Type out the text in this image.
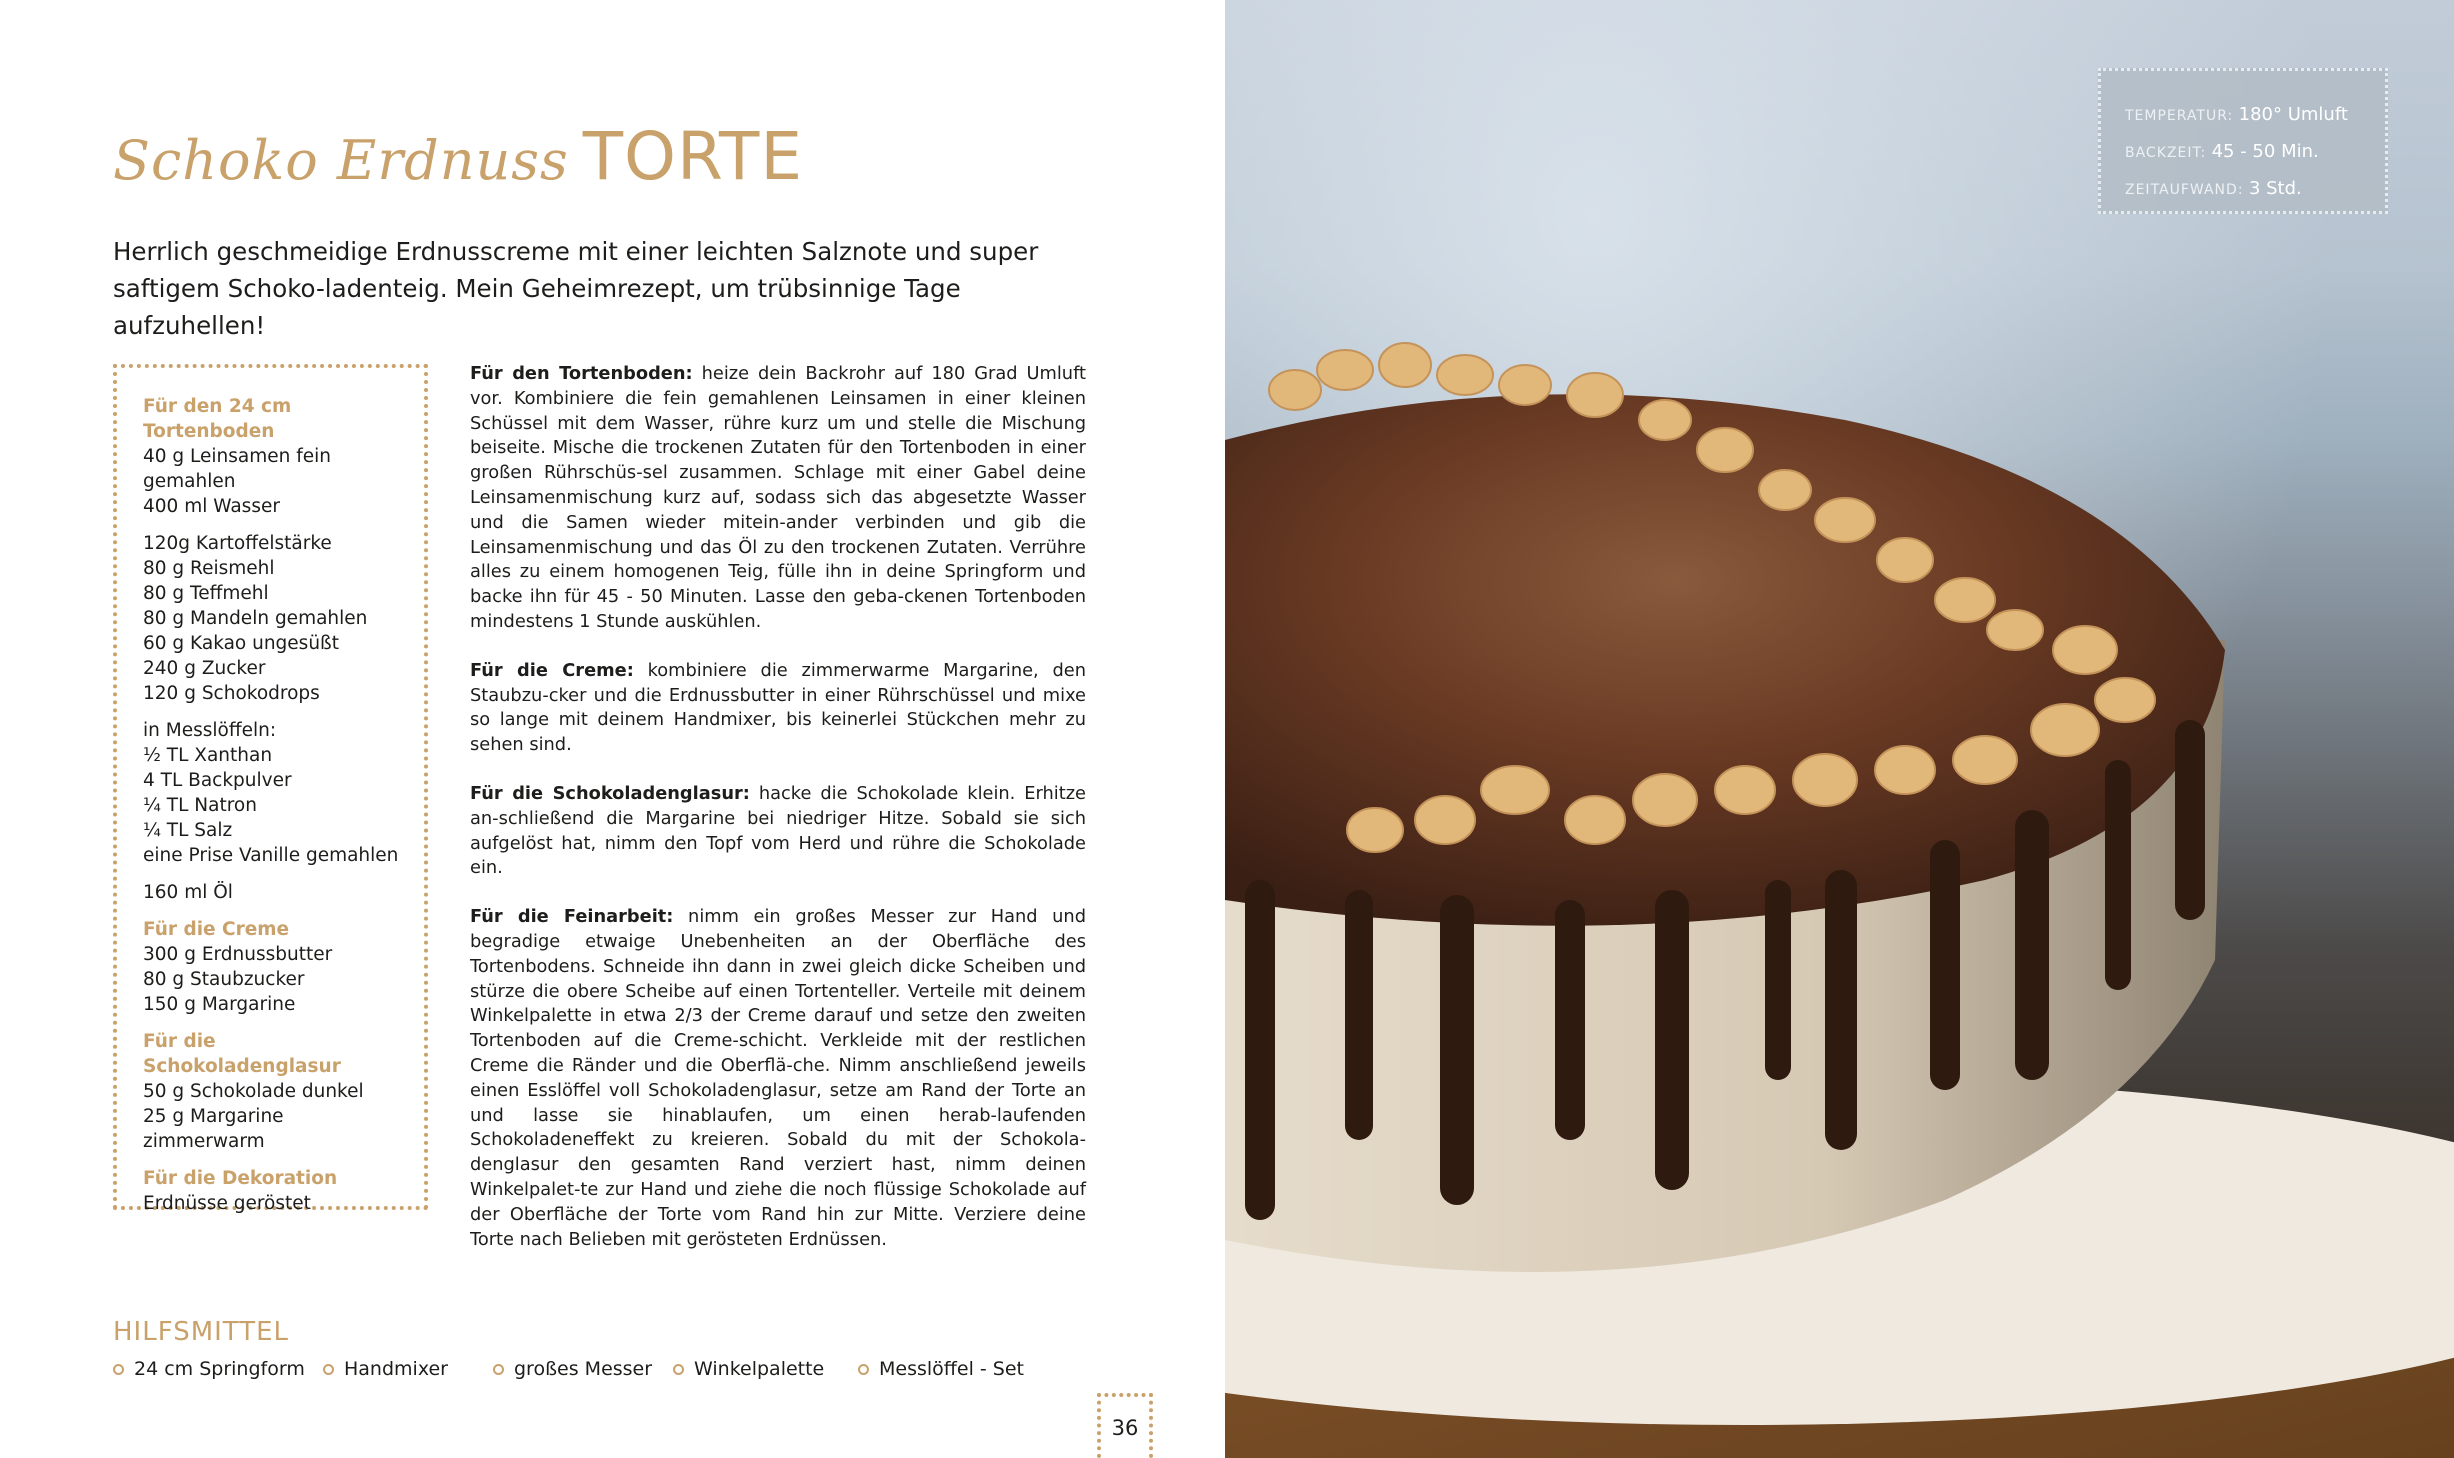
Schoko Erdnuss TORTE

Herrlich geschmeidige Erdnusscreme mit einer leichten Salznote und super saftigem Schoko-ladenteig. Mein Geheimrezept, um trübsinnige Tage aufzuhellen!

Für den 24 cm Tortenboden
40 g Leinsamen fein gemahlen
400 ml Wasser
120g Kartoffelstärke
80 g Reismehl
80 g Teffmehl
80 g Mandeln gemahlen
60 g Kakao ungesüßt
240 g Zucker
120 g Schokodrops
in Messlöffeln:
½ TL Xanthan
4 TL Backpulver
¼ TL Natron
¼ TL Salz
eine Prise Vanille gemahlen
160 ml Öl
Für die Creme
300 g Erdnussbutter
80 g Staubzucker
150 g Margarine
Für die Schokoladenglasur
50 g Schokolade dunkel
25 g Margarine zimmerwarm
Für die Dekoration
Erdnüsse geröstet

Für den Tortenboden: heize dein Backrohr auf 180 Grad Umluft vor. Kombiniere die fein gemahlenen Leinsamen in einer kleinen Schüssel mit dem Wasser, rühre kurz um und stelle die Mischung beiseite. Mische die trockenen Zutaten für den Tortenboden in einer großen Rührschüs-sel zusammen. Schlage mit einer Gabel deine Leinsamenmischung kurz auf, sodass sich das abgesetzte Wasser und die Samen wieder mitein-ander verbinden und gib die Leinsamenmischung und das Öl zu den trockenen Zutaten. Verrühre alles zu einem homogenen Teig, fülle ihn in deine Springform und backe ihn für 45 - 50 Minuten. Lasse den geba-ckenen Tortenboden mindestens 1 Stunde auskühlen.

Für die Creme: kombiniere die zimmerwarme Margarine, den Staubzu-cker und die Erdnussbutter in einer Rührschüssel und mixe so lange mit deinem Handmixer, bis keinerlei Stückchen mehr zu sehen sind.

Für die Schokoladenglasur: hacke die Schokolade klein. Erhitze an-schließend die Margarine bei niedriger Hitze. Sobald sie sich aufgelöst hat, nimm den Topf vom Herd und rühre die Schokolade ein.

Für die Feinarbeit: nimm ein großes Messer zur Hand und begradige etwaige Unebenheiten an der Oberfläche des Tortenbodens. Schneide ihn dann in zwei gleich dicke Scheiben und stürze die obere Scheibe auf einen Tortenteller. Verteile mit deinem Winkelpalette in etwa 2/3 der Creme darauf und setze den zweiten Tortenboden auf die Creme-schicht. Verkleide mit der restlichen Creme die Ränder und die Oberflä-che. Nimm anschließend jeweils einen Esslöffel voll Schokoladenglasur, setze am Rand der Torte an und lasse sie hinablaufen, um einen herab-laufenden Schokoladeneffekt zu kreieren. Sobald du mit der Schokola-denglasur den gesamten Rand verziert hast, nimm deinen Winkelpalet-te zur Hand und ziehe die noch flüssige Schokolade auf der Oberfläche der Torte vom Rand hin zur Mitte. Verziere deine Torte nach Belieben mit gerösteten Erdnüssen.

HILFSMITTEL
24 cm Springform Handmixer	großes Messer Winkelpalette	Messlöffel - Set
36
TEMPERATUR: 180° Umluft
BACKZEIT: 45 - 50 Min.
ZEITAUFWAND: 3 Std.
